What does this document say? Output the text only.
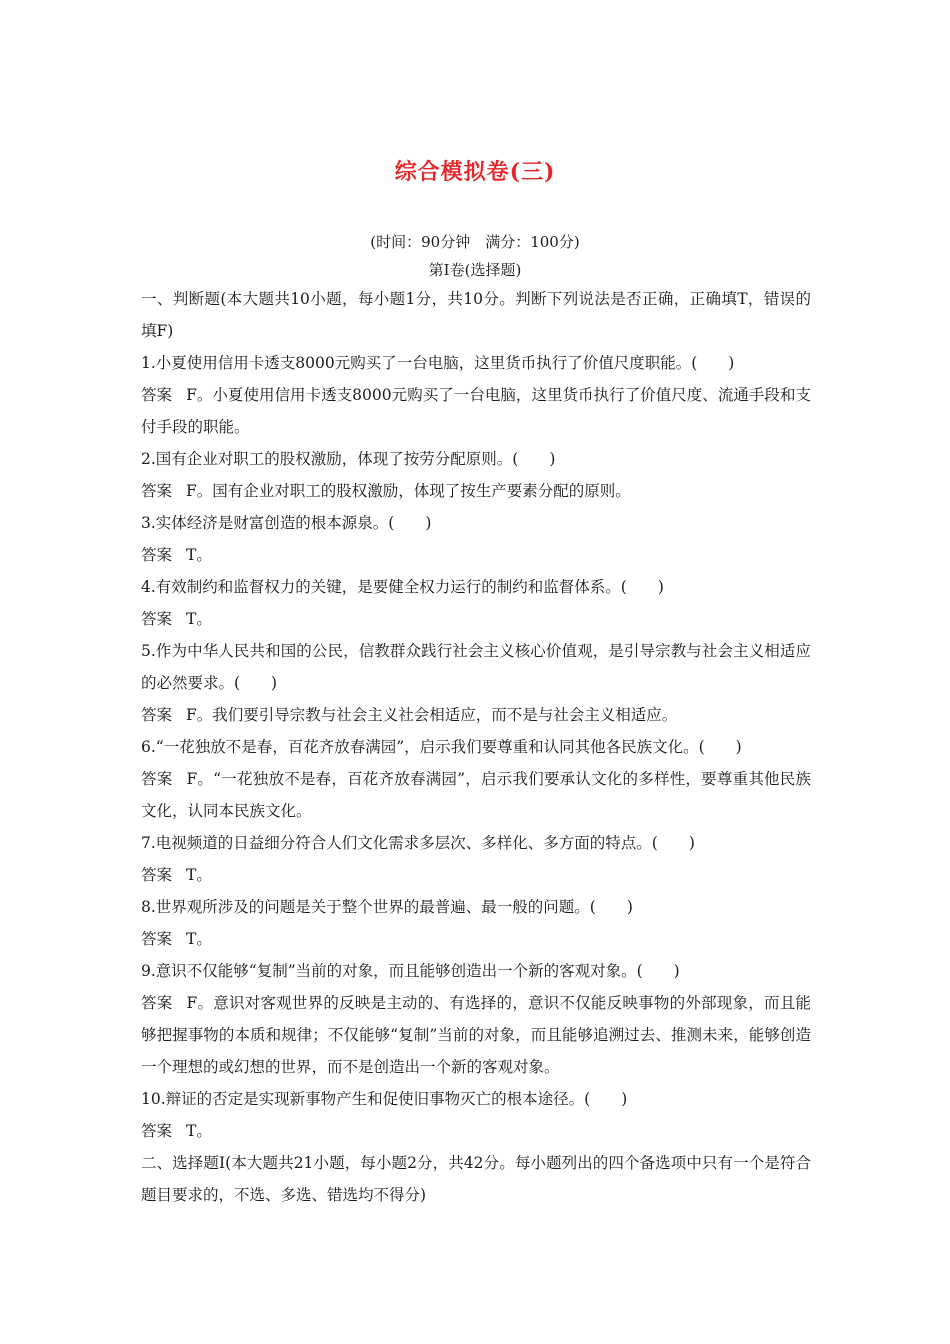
综合模拟卷(三)
(时间：90分钟　满分：100分)
第Ⅰ卷(选择题)

一、判断题(本大题共10小题，每小题1分，共10分。判断下列说法是否正确，正确填T，错误的填F)

1.小夏使用信用卡透支8000元购买了一台电脑，这里货币执行了价值尺度职能。(　　)

答案 F。小夏使用信用卡透支8000元购买了一台电脑，这里货币执行了价值尺度、流通手段和支付手段的职能。

2.国有企业对职工的股权激励，体现了按劳分配原则。(　　)

答案 F。国有企业对职工的股权激励，体现了按生产要素分配的原则。

3.实体经济是财富创造的根本源泉。(　　)

答案 T。

4.有效制约和监督权力的关键，是要健全权力运行的制约和监督体系。(　　)

答案 T。

5.作为中华人民共和国的公民，信教群众践行社会主义核心价值观，是引导宗教与社会主义相适应的必然要求。(　　)

答案 F。我们要引导宗教与社会主义社会相适应，而不是与社会主义相适应。

6.“一花独放不是春，百花齐放春满园”，启示我们要尊重和认同其他各民族文化。(　　)

答案 F。“一花独放不是春，百花齐放春满园”，启示我们要承认文化的多样性，要尊重其他民族文化，认同本民族文化。

7.电视频道的日益细分符合人们文化需求多层次、多样化、多方面的特点。(　　)

答案 T。

8.世界观所涉及的问题是关于整个世界的最普遍、最一般的问题。(　　)

答案 T。

9.意识不仅能够“复制”当前的对象，而且能够创造出一个新的客观对象。(　　)

答案 F。意识对客观世界的反映是主动的、有选择的，意识不仅能反映事物的外部现象，而且能够把握事物的本质和规律；不仅能够“复制”当前的对象，而且能够追溯过去、推测未来，能够创造一个理想的或幻想的世界，而不是创造出一个新的客观对象。

10.辩证的否定是实现新事物产生和促使旧事物灭亡的根本途径。(　　)

答案 T。

二、选择题Ⅰ(本大题共21小题，每小题2分，共42分。每小题列出的四个备选项中只有一个是符合题目要求的，不选、多选、错选均不得分)
